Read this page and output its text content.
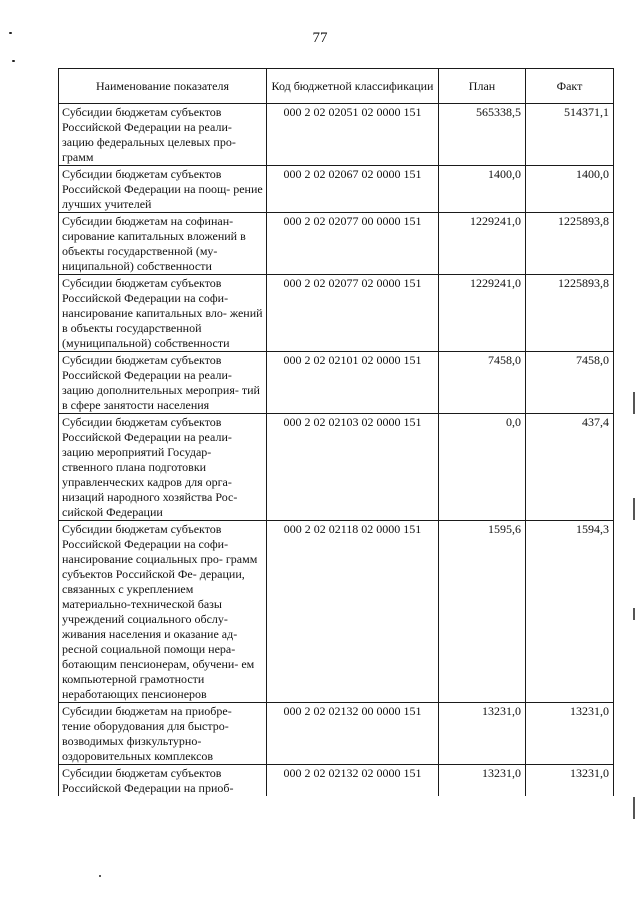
77
Наименование показателя	Код бюджетной классификации	План	Факт
Субсидии бюджетам субъектов Российской Федерации на реали- зацию федеральных целевых про- грамм	000 2 02 02051 02 0000 151	565338,5	514371,1
Субсидии бюджетам субъектов Российской Федерации на поощ- рение лучших учителей	000 2 02 02067 02 0000 151	1400,0	1400,0
Субсидии бюджетам на софинан- сирование капитальных вложений в объекты государственной (му- ниципальной) собственности	000 2 02 02077 00 0000 151	1229241,0	1225893,8
Субсидии бюджетам субъектов Российской Федерации на софи- нансирование капитальных вло- жений в объекты государственной (муниципальной) собственности	000 2 02 02077 02 0000 151	1229241,0	1225893,8
Субсидии бюджетам субъектов Российской Федерации на реали- зацию дополнительных мероприя- тий в сфере занятости населения	000 2 02 02101 02 0000 151	7458,0	7458,0
Субсидии бюджетам субъектов Российской Федерации на реали- зацию мероприятий Государ- ственного плана подготовки управленческих кадров для орга- низаций народного хозяйства Рос- сийской Федерации	000 2 02 02103 02 0000 151	0,0	437,4
Субсидии бюджетам субъектов Российской Федерации на софи- нансирование социальных про- грамм субъектов Российской Фе- дерации, связанных с укреплением материально-технической базы учреждений социального обслу- живания населения и оказание ад- ресной социальной помощи нера- ботающим пенсионерам, обучени- ем компьютерной грамотности неработающих пенсионеров	000 2 02 02118 02 0000 151	1595,6	1594,3
Субсидии бюджетам на приобре- тение оборудования для быстро- возводимых физкультурно- оздоровительных комплексов	000 2 02 02132 00 0000 151	13231,0	13231,0
Субсидии бюджетам субъектов Российской Федерации на приоб-	000 2 02 02132 02 0000 151	13231,0	13231,0
